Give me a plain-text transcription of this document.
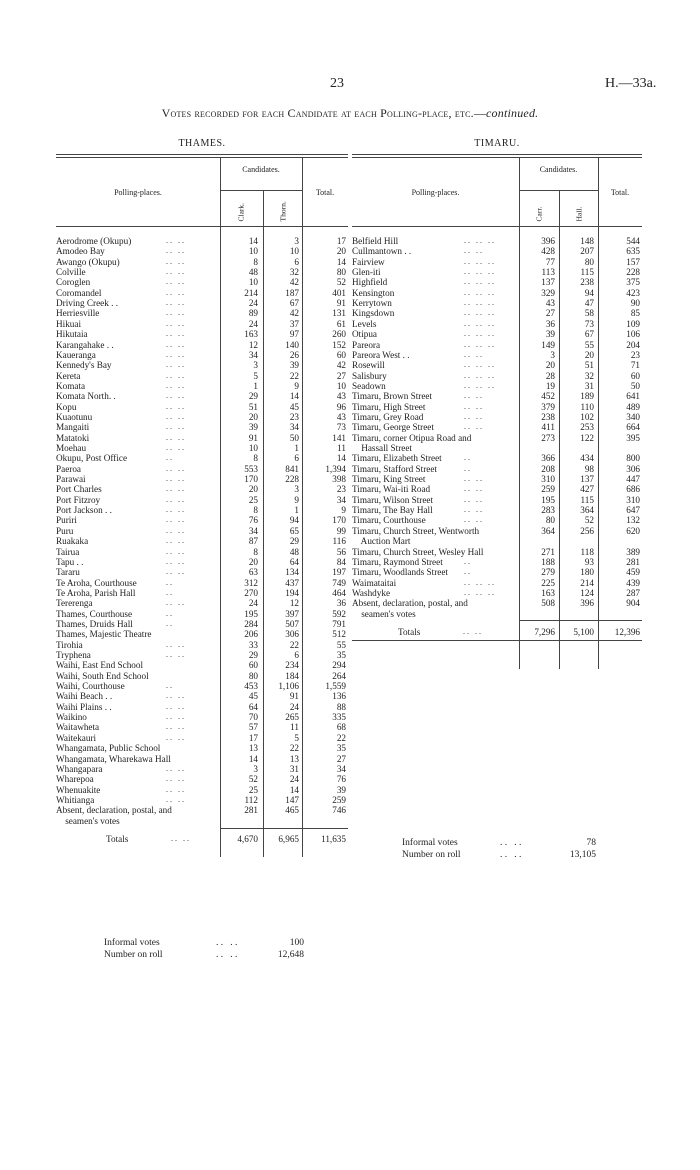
23	H.—33a.
Votes recorded for each Candidate at each Polling-place, etc.—continued.
THAMES.
Candidates.
Polling-places.	Total.
Clark.	Thorn.
Aerodrome (Okupu)	. .   . .	14	3	17
Amodeo Bay	. .   . .	10	10	20
Awango (Okupu)	. .   . .	8	6	14
Colville	. .   . .	48	32	80
Coroglen	. .   . .	10	42	52
Coromandel	. .   . .	214	187	401
Driving Creek . .	. .   . .	24	67	91
Herriesville	. .   . .	89	42	131
Hikuai	. .   . .	24	37	61
Hikutaia	. .   . .	163	97	260
Karangahake . .	. .   . .	12	140	152
Kaueranga	. .   . .	34	26	60
Kennedy's Bay	. .   . .	3	39	42
Kereta	. .   . .	5	22	27
Komata	. .   . .	1	9	10
Komata North. .	. .   . .	29	14	43
Kopu	. .   . .	51	45	96
Kuaotunu	. .   . .	20	23	43
Mangaiti	. .   . .	39	34	73
Matatoki	. .   . .	91	50	141
Moehau	. .   . .	10	1	11
Okupu, Post Office	. .	8	6	14
Paeroa	. .   . .	553	841	1,394
Parawai	. .   . .	170	228	398
Port Charles	. .   . .	20	3	23
Port Fitzroy	. .   . .	25	9	34
Port Jackson . .	. .   . .	8	1	9
Puriri	. .   . .	76	94	170
Puru	. .   . .	34	65	99
Ruakaka	. .   . .	87	29	116
Tairua	. .   . .	8	48	56
Tapu . .	. .   . .	20	64	84
Tararu	. .   . .	63	134	197
Te Aroha, Courthouse	. .	312	437	749
Te Aroha, Parish Hall	. .	270	194	464
Tererenga	. .   . .	24	12	36
Thames, Courthouse	. .	195	397	592
Thames, Druids Hall	. .	284	507	791
Thames, Majestic Theatre	206	306	512
Tirohia	. .   . .	33	22	55
Tryphena	. .   . .	29	6	35
Waihi, East End School	60	234	294
Waihi, South End School	80	184	264
Waihi, Courthouse	. .	453	1,106	1,559
Waihi Beach . .	. .   . .	45	91	136
Waihi Plains . .	. .   . .	64	24	88
Waikino	. .   . .	70	265	335
Waitawheta	. .   . .	57	11	68
Waitekauri	. .   . .	17	5	22
Whangamata, Public School	13	22	35
Whangamata, Wharekawa Hall	14	13	27
Whangapara	. .   . .	3	31	34
Wharepoa	. .   . .	52	24	76
Whenuakite	. .   . .	25	14	39
Whitianga	. .   . .	112	147	259
Absent, declaration, postal, and	281	465	746
seamen's votes
Totals	. .   . .	4,670	6,965	11,635
Informal votes	. .   . .	100
Number on roll	. .   . .	12,648
TIMARU.
Candidates.
Polling-places.	Total.
Carr.	Hall.
Belfield Hill	. .   . .   . .	396	148	544
Cullmantown . .	. .   . .	428	207	635
Fairview	. .   . .   . .	77	80	157
Glen-iti	. .   . .   . .	113	115	228
Highfield	. .   . .   . .	137	238	375
Kensington	. .   . .   . .	329	94	423
Kerrytown	. .   . .   . .	43	47	90
Kingsdown	. .   . .   . .	27	58	85
Levels	. .   . .   . .	36	73	109
Otipua	. .   . .   . .	39	67	106
Pareora	. .   . .   . .	149	55	204
Pareora West . .	. .   . .	3	20	23
Rosewill	. .   . .   . .	20	51	71
Salisbury	. .   . .   . .	28	32	60
Seadown	. .   . .   . .	19	31	50
Timaru, Brown Street	. .   . .	452	189	641
Timaru, High Street	. .   . .	379	110	489
Timaru, Grey Road	. .   . .	238	102	340
Timaru, George Street	. .   . .	411	253	664
Timaru, corner Otipua Road and	273	122	395
Hassall Street
Timaru, Elizabeth Street	. .	366	434	800
Timaru, Stafford Street	. .	208	98	306
Timaru, King Street	. .   . .	310	137	447
Timaru, Wai-iti Road	. .   . .	259	427	686
Timaru, Wilson Street	. .   . .	195	115	310
Timaru, The Bay Hall	. .   . .	283	364	647
Timaru, Courthouse	. .   . .	80	52	132
Timaru, Church Street, Wentworth	364	256	620
Auction Mart
Timaru, Church Street, Wesley Hall	271	118	389
Timaru, Raymond Street	. .	188	93	281
Timaru, Woodlands Street . .	279	180	459
Waimataitai	. .   . .   . .	225	214	439
Washdyke	. .   . .   . .	163	124	287
Absent, declaration, postal, and	508	396	904
seamen's votes
Totals	. .   . .	7,296	5,100	12,396
Informal votes	. .   . .	78
Number on roll	. .   . .	13,105
